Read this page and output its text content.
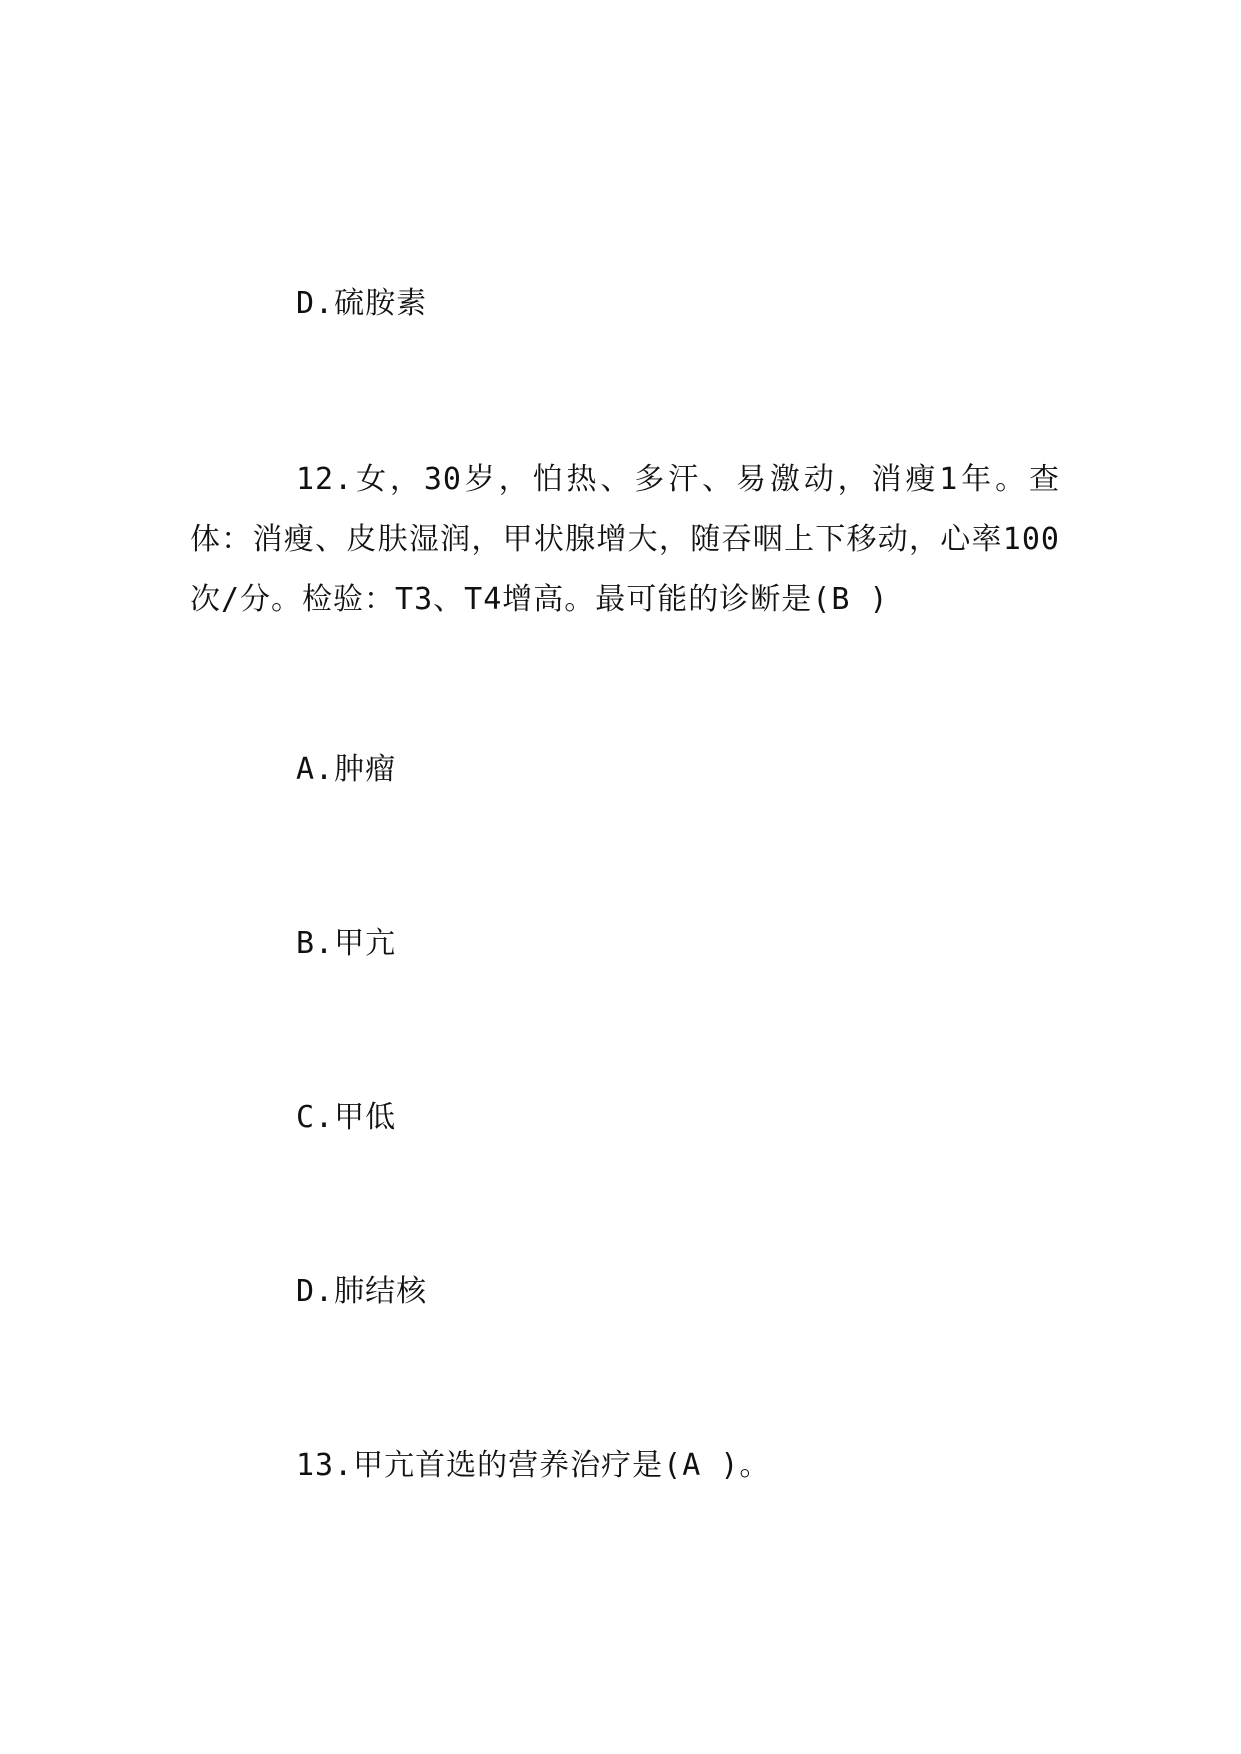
D.硫胺素
12.女，30岁，怕热、多汗、易激动，消瘦1年。查体：消瘦、皮肤湿润，甲状腺增大，随吞咽上下移动，心率100次/分。检验：T3、T4增高。最可能的诊断是(B )
A.肿瘤
B.甲亢
C.甲低
D.肺结核
13.甲亢首选的营养治疗是(A )。
